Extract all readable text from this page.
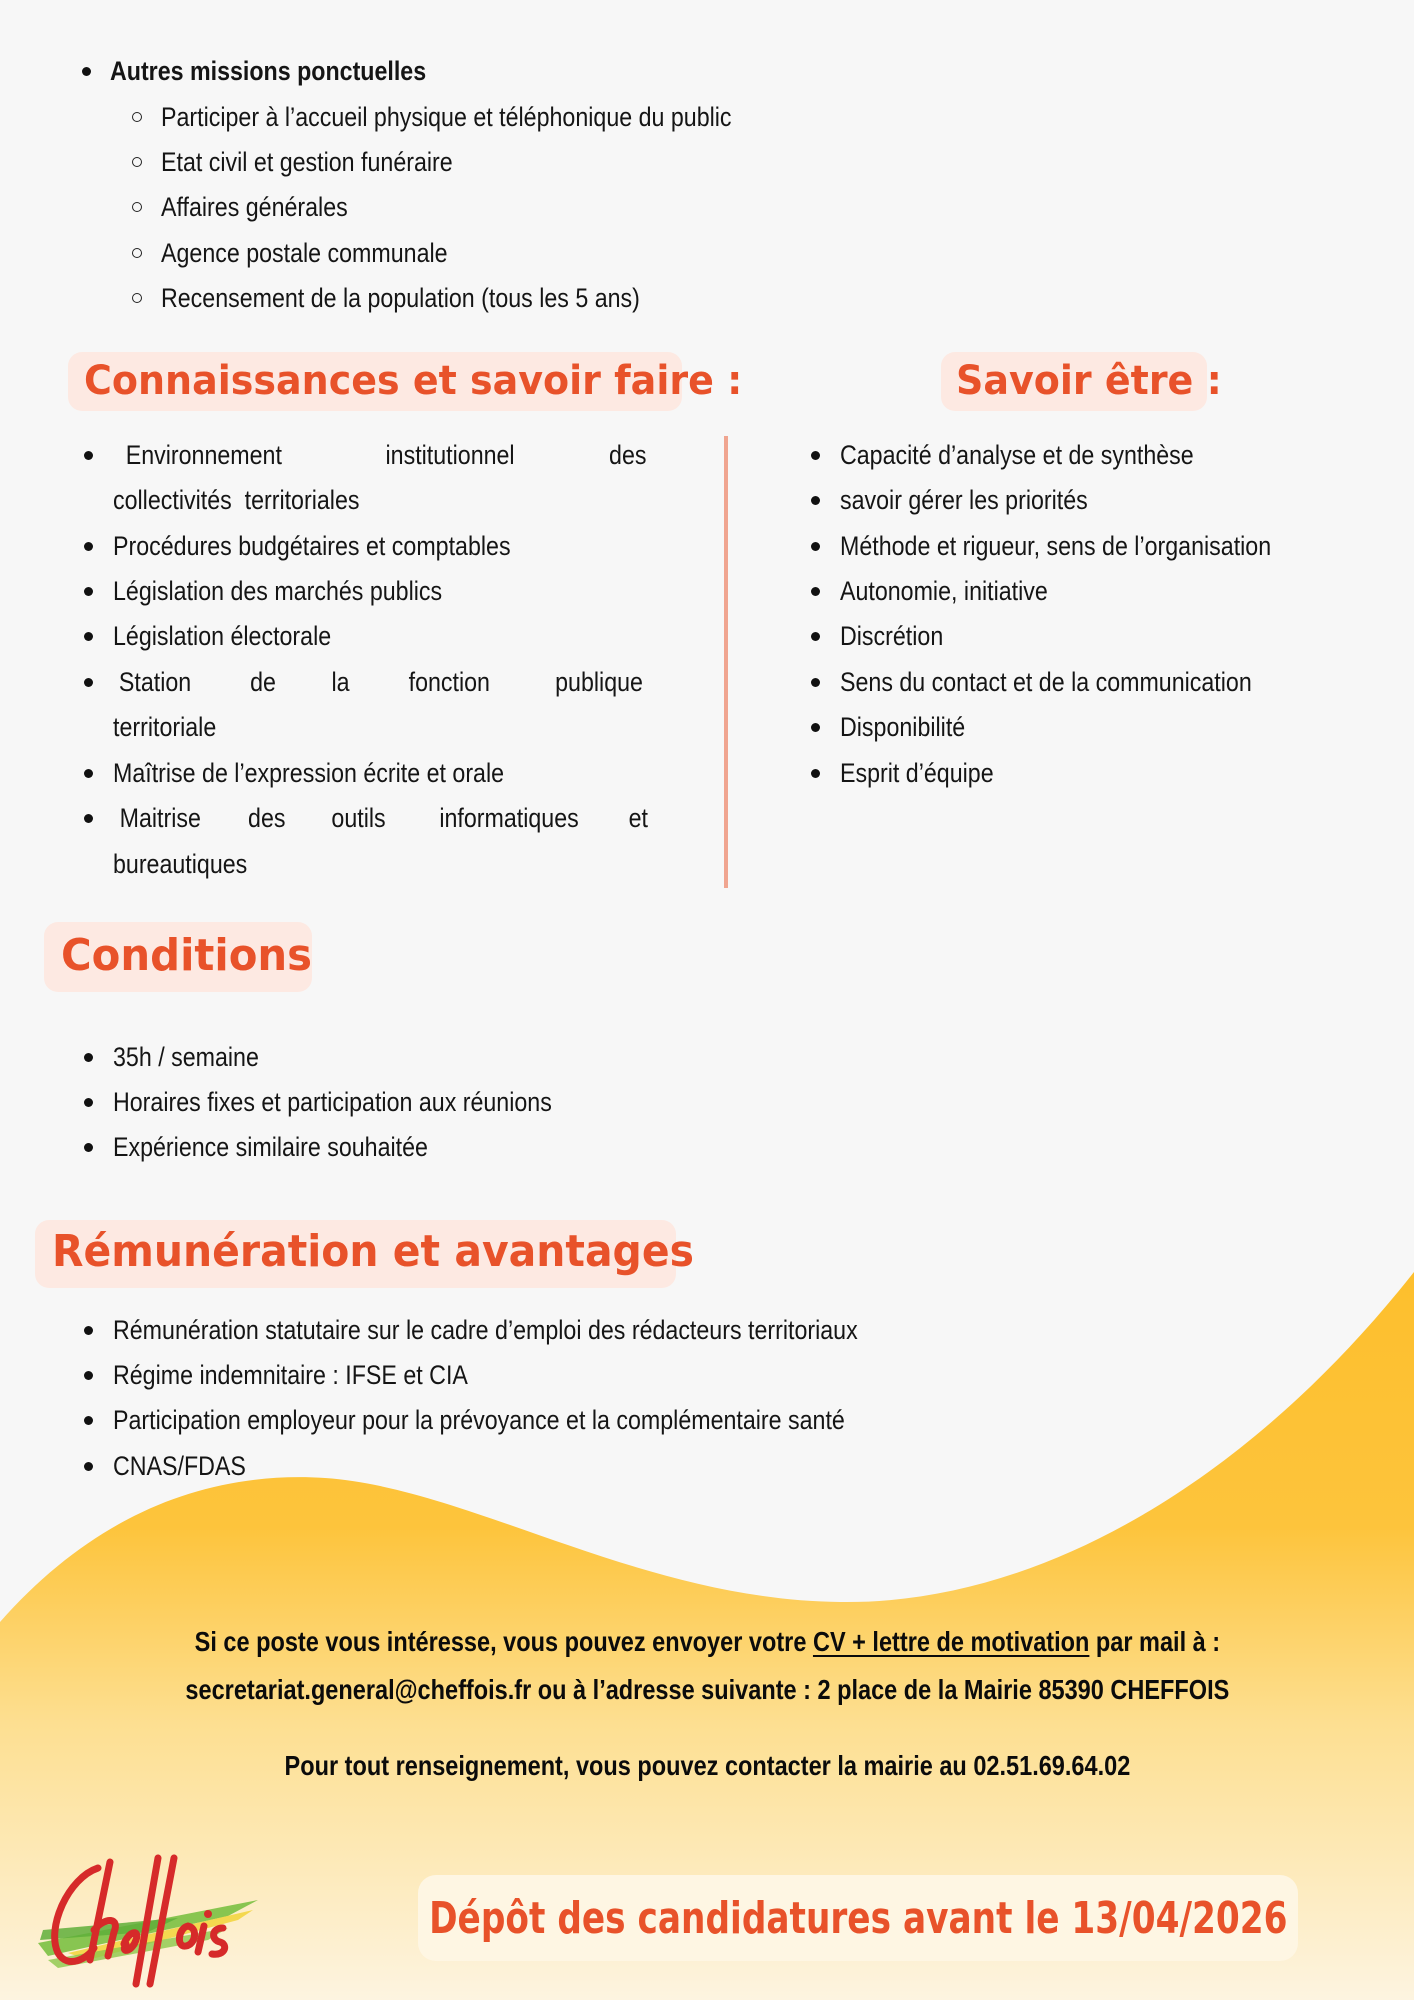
Autres missions ponctuelles
Participer à l’accueil physique et téléphonique du public
Etat civil et gestion funéraire
Affaires générales
Agence postale communale
Recensement de la population (tous les 5 ans)
Connaissances et savoir faire :	Savoir être :
Environnement	institutionnel	des
collectivités  territoriales
Procédures budgétaires et comptables
Législation des marchés publics
Législation électorale
Station de la fonction publique
territoriale
Maîtrise de l’expression écrite et orale
Maitrise des outils informatiques et
bureautiques
Capacité d’analyse et de synthèse
savoir gérer les priorités
Méthode et rigueur, sens de l’organisation
Autonomie, initiative
Discrétion
Sens du contact et de la communication
Disponibilité
Esprit d’équipe
Conditions
35h / semaine
Horaires fixes et participation aux réunions
Expérience similaire souhaitée
Rémunération et avantages
Rémunération statutaire sur le cadre d’emploi des rédacteurs territoriaux
Régime indemnitaire : IFSE et CIA
Participation employeur pour la prévoyance et la complémentaire santé
CNAS/FDAS
Si ce poste vous intéresse, vous pouvez envoyer votre CV + lettre de motivation par mail à :
secretariat.general@cheffois.fr ou à l’adresse suivante : 2 place de la Mairie 85390 CHEFFOIS
Pour tout renseignement, vous pouvez contacter la mairie au 02.51.69.64.02
Dépôt des candidatures avant le 13/04/2026
